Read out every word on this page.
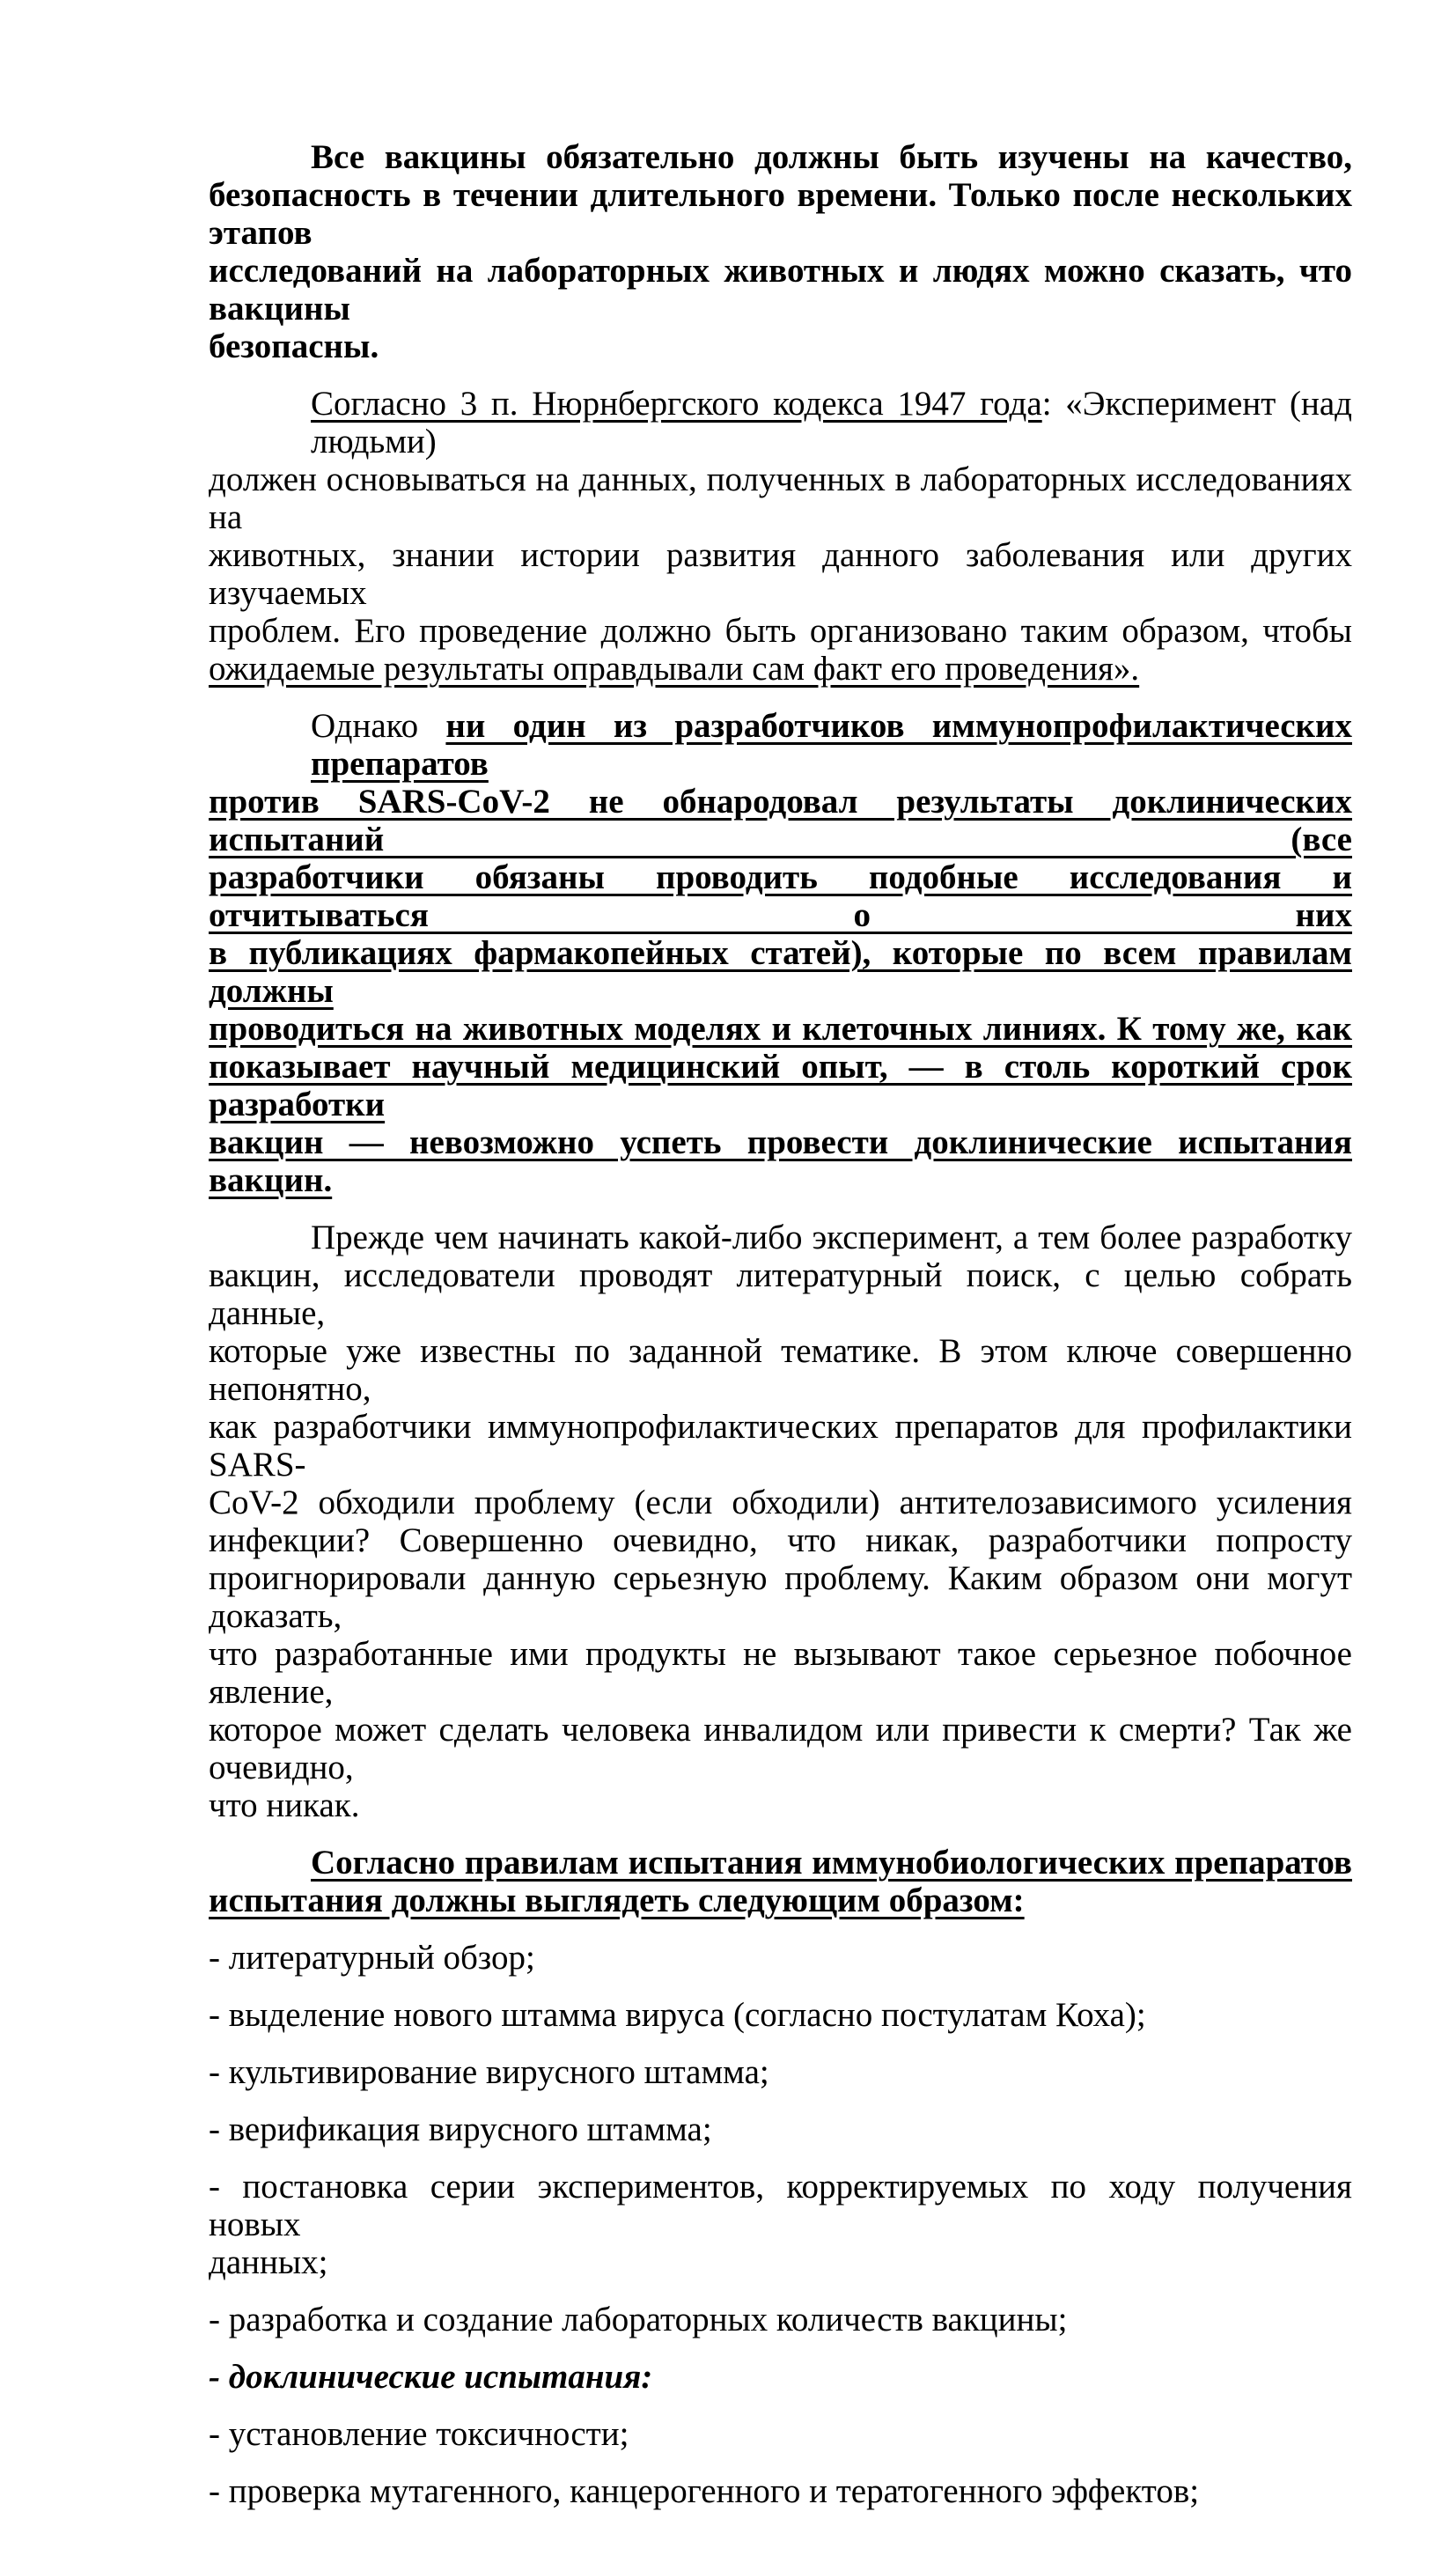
Все вакцины обязательно должны быть изучены на качество,
безопасность в течении длительного времени. Только после нескольких этапов
исследований на лабораторных животных и людях можно сказать, что вакцины
безопасны.
Согласно 3 п. Нюрнбергского кодекса 1947 года: «Эксперимент (над людьми)
должен основываться на данных, полученных в лабораторных исследованиях на
животных, знании истории развития данного заболевания или других изучаемых
проблем. Его проведение должно быть организовано таким образом, чтобы
ожидаемые результаты оправдывали сам факт его проведения».
Однако ни один из разработчиков иммунопрофилактических препаратов
против SARS-CoV-2 не обнародовал результаты доклинических испытаний (все
разработчики обязаны проводить подобные исследования и отчитываться о них
в публикациях фармакопейных статей), которые по всем правилам должны
проводиться на животных моделях и клеточных линиях. К тому же, как
показывает научный медицинский опыт, — в столь короткий срок разработки
вакцин — невозможно успеть провести доклинические испытания вакцин.
Прежде чем начинать какой-либо эксперимент, а тем более разработку
вакцин, исследователи проводят литературный поиск, с целью собрать данные,
которые уже известны по заданной тематике. В этом ключе совершенно непонятно,
как разработчики иммунопрофилактических препаратов для профилактики SARS-
CoV-2 обходили проблему (если обходили) антителозависимого усиления
инфекции? Совершенно очевидно, что никак, разработчики попросту
проигнорировали данную серьезную проблему. Каким образом они могут доказать,
что разработанные ими продукты не вызывают такое серьезное побочное явление,
которое может сделать человека инвалидом или привести к смерти? Так же очевидно,
что никак.
Согласно правилам испытания иммунобиологических препаратов
испытания должны выглядеть следующим образом:
- литературный обзор;
- выделение нового штамма вируса (согласно постулатам Коха);
- культивирование вирусного штамма;
- верификация вирусного штамма;
- постановка серии экспериментов, корректируемых по ходу получения новых
данных;
- разработка и создание лабораторных количеств вакцины;
- доклинические испытания:
- установление токсичности;
- проверка мутагенного, канцерогенного и тератогенного эффектов;
